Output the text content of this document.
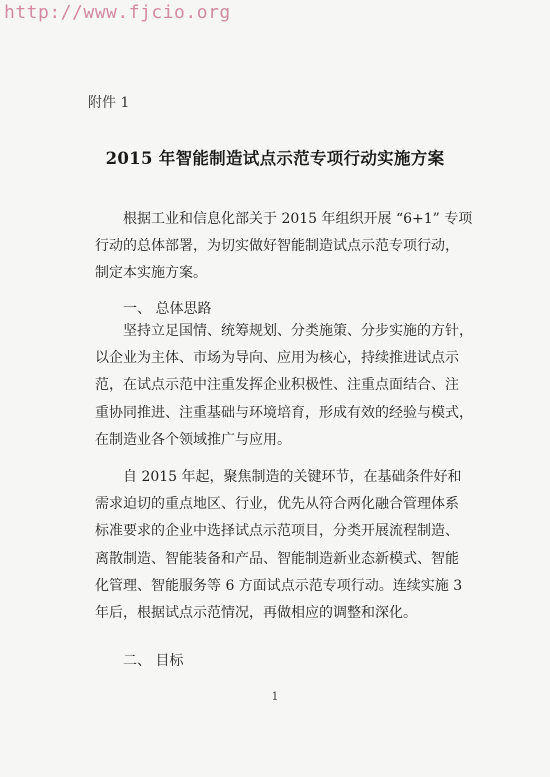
http://www.fjcio.org
附件 1
2015 年智能制造试点示范专项行动实施方案
根据工业和信息化部关于 2015 年组织开展 “6+1” 专项
行动的总体部署，为切实做好智能制造试点示范专项行动，
制定本实施方案。
一、 总体思路
坚持立足国情、统筹规划、分类施策、分步实施的方针，
以企业为主体、市场为导向、应用为核心，持续推进试点示
范，在试点示范中注重发挥企业积极性、注重点面结合、注
重协同推进、注重基础与环境培育，形成有效的经验与模式，
在制造业各个领域推广与应用。
自 2015 年起，聚焦制造的关键环节，在基础条件好和
需求迫切的重点地区、行业，优先从符合两化融合管理体系
标准要求的企业中选择试点示范项目，分类开展流程制造、
离散制造、智能装备和产品、智能制造新业态新模式、智能
化管理、智能服务等 6 方面试点示范专项行动。连续实施 3
年后，根据试点示范情况，再做相应的调整和深化。
二、 目标
1
